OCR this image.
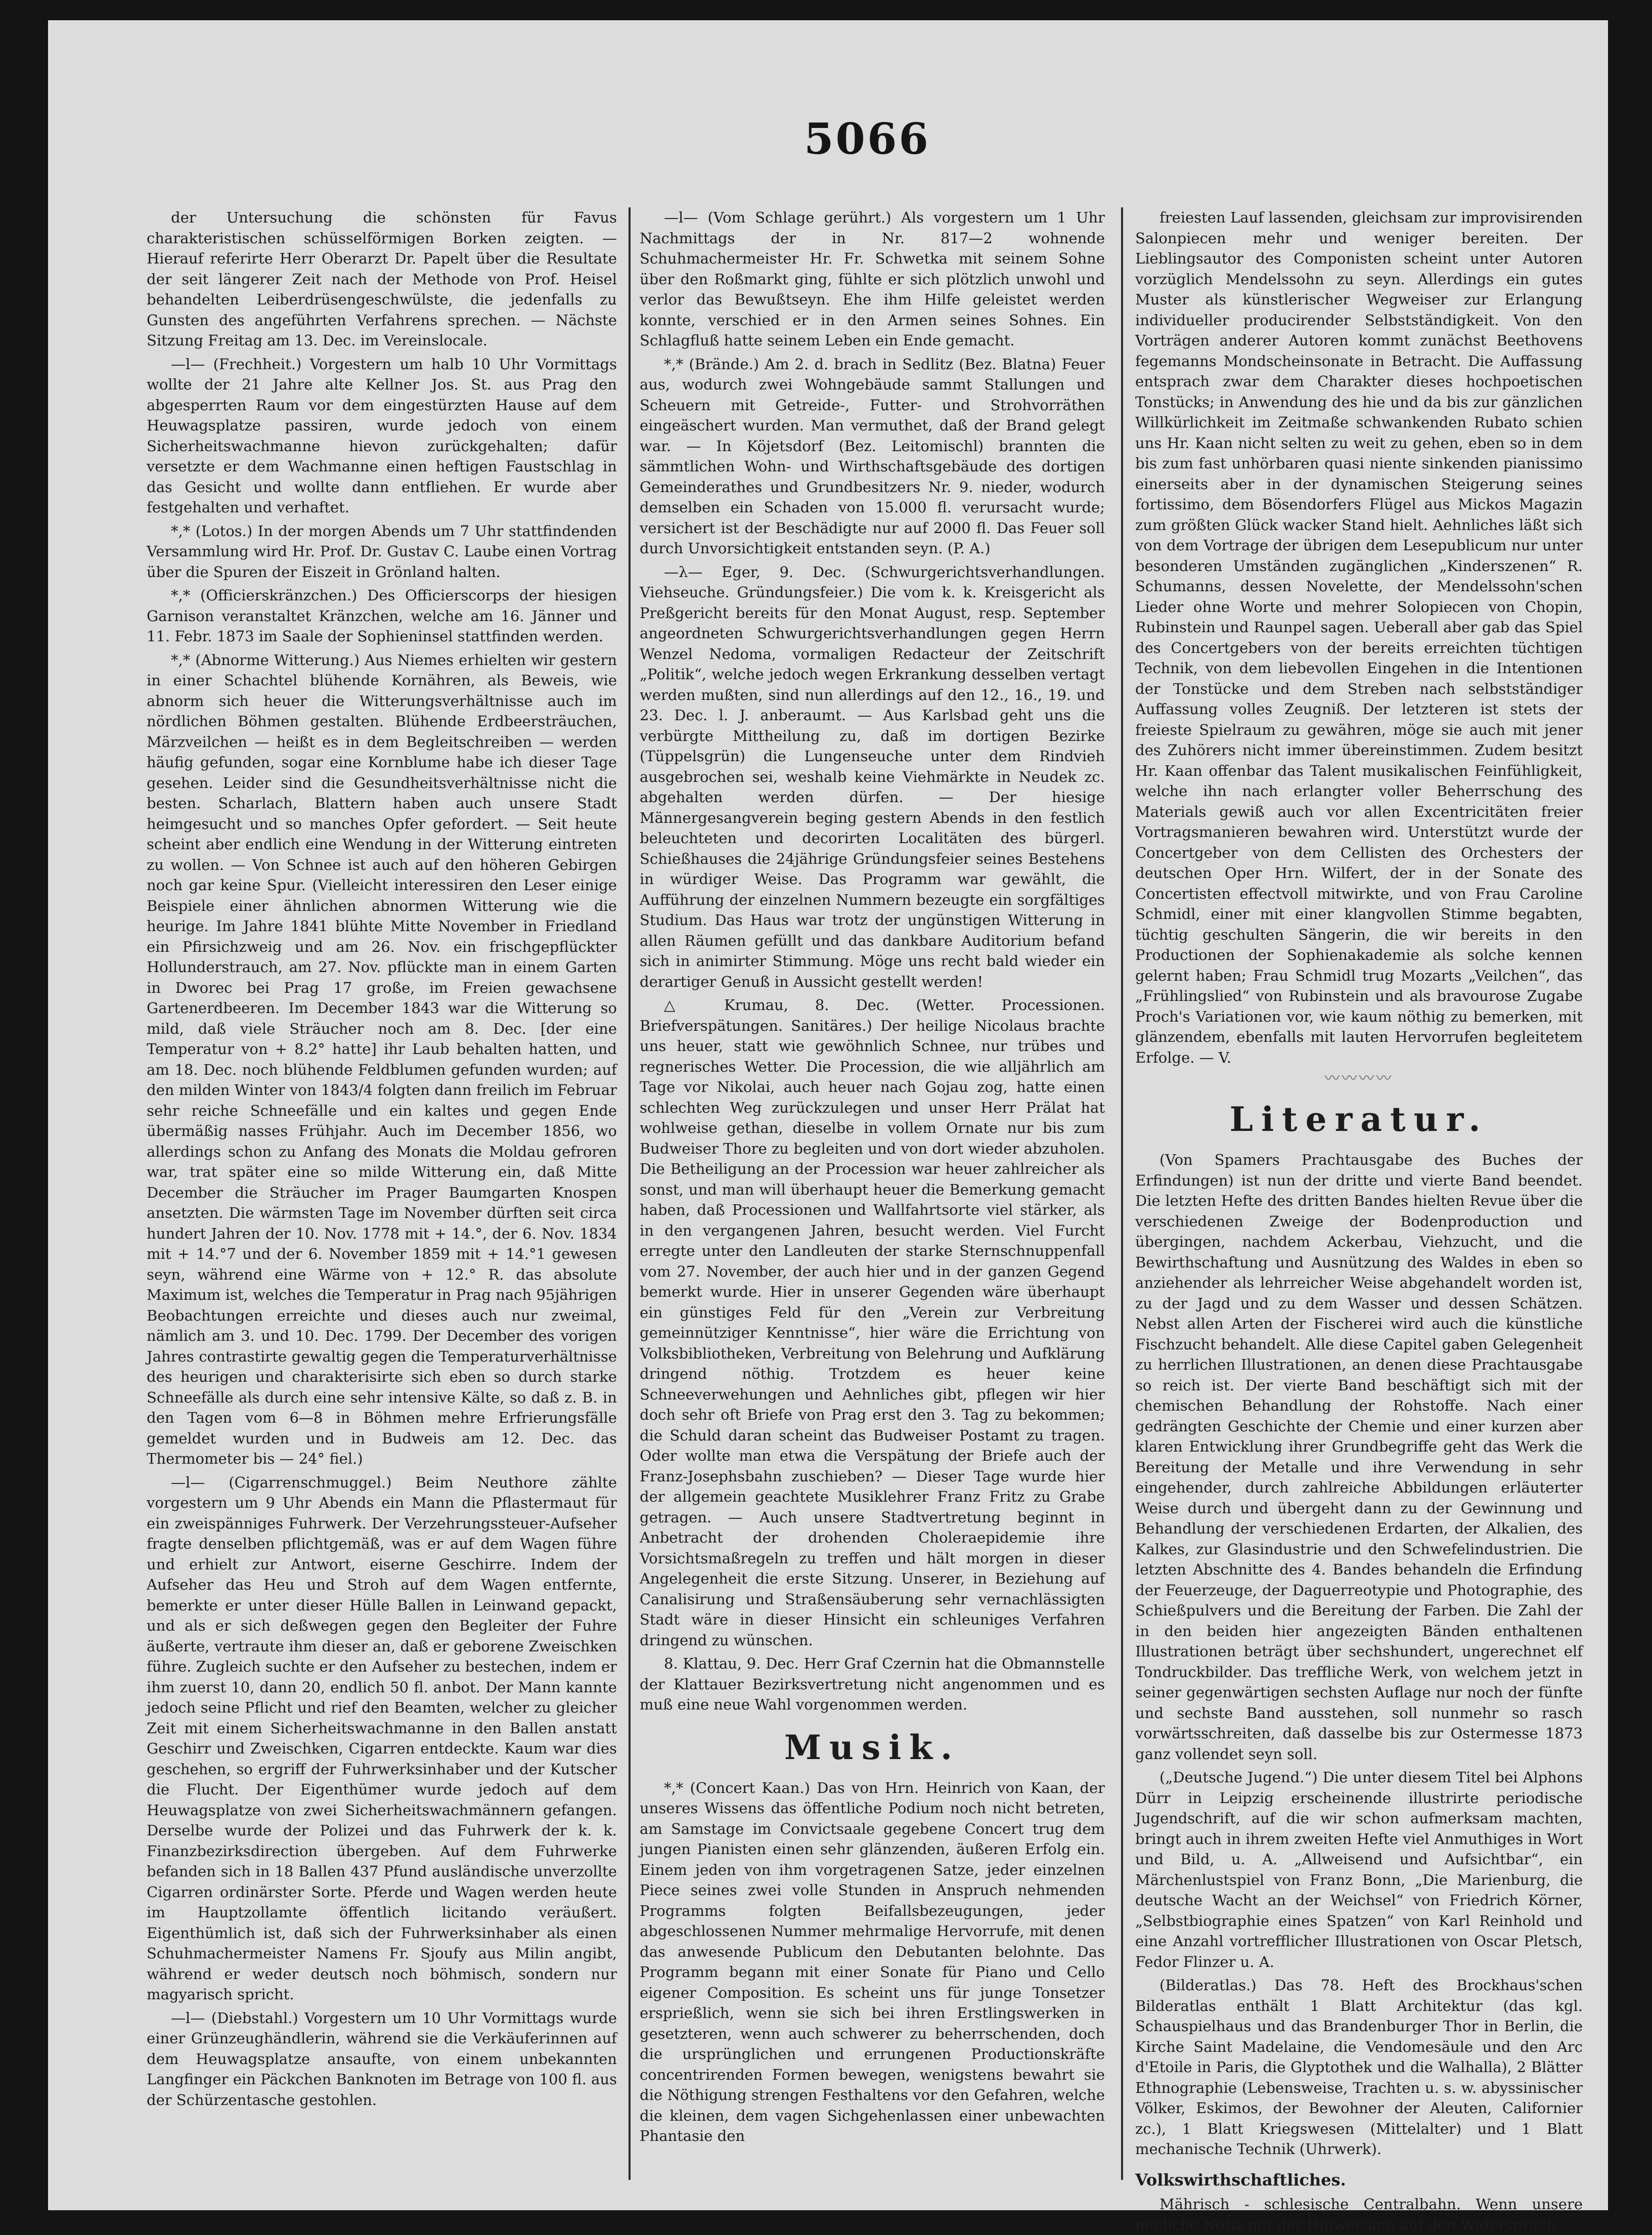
5066

der Untersuchung die schönsten für Favus charakteristischen schüsselförmigen Borken zeigten. — Hierauf referirte Herr Oberarzt Dr. Papelt über die Resultate der seit längerer Zeit nach der Methode von Prof. Heisel behandelten Leiberdrüsengeschwülste, die jedenfalls zu Gunsten des angeführten Verfahrens sprechen. — Nächste Sitzung Freitag am 13. Dec. im Vereinslocale.

—l— (Frechheit.) Vorgestern um halb 10 Uhr Vormittags wollte der 21 Jahre alte Kellner Jos. St. aus Prag den abgesperrten Raum vor dem eingestürzten Hause auf dem Heuwagsplatze passiren, wurde jedoch von einem Sicherheitswachmanne hievon zurückgehalten; dafür versetzte er dem Wachmanne einen heftigen Faustschlag in das Gesicht und wollte dann entfliehen. Er wurde aber festgehalten und verhaftet.

*,* (Lotos.) In der morgen Abends um 7 Uhr stattfindenden Versammlung wird Hr. Prof. Dr. Gustav C. Laube einen Vortrag über die Spuren der Eiszeit in Grönland halten.

*,* (Officierskränzchen.) Des Officierscorps der hiesigen Garnison veranstaltet Kränzchen, welche am 16. Jänner und 11. Febr. 1873 im Saale der Sophieninsel stattfinden werden.

*,* (Abnorme Witterung.) Aus Niemes erhielten wir gestern in einer Schachtel blühende Kornähren, als Beweis, wie abnorm sich heuer die Witterungsverhältnisse auch im nördlichen Böhmen gestalten. Blühende Erdbeersträuchen, Märzveilchen — heißt es in dem Begleitschreiben — werden häufig gefunden, sogar eine Kornblume habe ich dieser Tage gesehen. Leider sind die Gesundheitsverhältnisse nicht die besten. Scharlach, Blattern haben auch unsere Stadt heimgesucht und so manches Opfer gefordert. — Seit heute scheint aber endlich eine Wendung in der Witterung eintreten zu wollen. — Von Schnee ist auch auf den höheren Gebirgen noch gar keine Spur. (Vielleicht interessiren den Leser einige Beispiele einer ähnlichen abnormen Witterung wie die heurige. Im Jahre 1841 blühte Mitte November in Friedland ein Pfirsichzweig und am 26. Nov. ein frischgepflückter Hollunderstrauch, am 27. Nov. pflückte man in einem Garten in Dworec bei Prag 17 große, im Freien gewachsene Gartenerdbeeren. Im December 1843 war die Witterung so mild, daß viele Sträucher noch am 8. Dec. [der eine Temperatur von + 8.2° hatte] ihr Laub behalten hatten, und am 18. Dec. noch blühende Feldblumen gefunden wurden; auf den milden Winter von 1843/4 folgten dann freilich im Februar sehr reiche Schneefälle und ein kaltes und gegen Ende übermäßig nasses Frühjahr. Auch im December 1856, wo allerdings schon zu Anfang des Monats die Moldau gefroren war, trat später eine so milde Witterung ein, daß Mitte December die Sträucher im Prager Baumgarten Knospen ansetzten. Die wärmsten Tage im November dürften seit circa hundert Jahren der 10. Nov. 1778 mit + 14.°, der 6. Nov. 1834 mit + 14.°7 und der 6. November 1859 mit + 14.°1 gewesen seyn, während eine Wärme von + 12.° R. das absolute Maximum ist, welches die Temperatur in Prag nach 95jährigen Beobachtungen erreichte und dieses auch nur zweimal, nämlich am 3. und 10. Dec. 1799. Der December des vorigen Jahres contrastirte gewaltig gegen die Temperaturverhältnisse des heurigen und charakterisirte sich eben so durch starke Schneefälle als durch eine sehr intensive Kälte, so daß z. B. in den Tagen vom 6—8 in Böhmen mehre Erfrierungsfälle gemeldet wurden und in Budweis am 12. Dec. das Thermometer bis — 24° fiel.)

—l— (Cigarrenschmuggel.) Beim Neuthore zählte vorgestern um 9 Uhr Abends ein Mann die Pflastermaut für ein zweispänniges Fuhrwerk. Der Verzehrungssteuer-Aufseher fragte denselben pflichtgemäß, was er auf dem Wagen führe und erhielt zur Antwort, eiserne Geschirre. Indem der Aufseher das Heu und Stroh auf dem Wagen entfernte, bemerkte er unter dieser Hülle Ballen in Leinwand gepackt, und als er sich deßwegen gegen den Begleiter der Fuhre äußerte, vertraute ihm dieser an, daß er geborene Zweischken führe. Zugleich suchte er den Aufseher zu bestechen, indem er ihm zuerst 10, dann 20, endlich 50 fl. anbot. Der Mann kannte jedoch seine Pflicht und rief den Beamten, welcher zu gleicher Zeit mit einem Sicherheitswachmanne in den Ballen anstatt Geschirr und Zweischken, Cigarren entdeckte. Kaum war dies geschehen, so ergriff der Fuhrwerksinhaber und der Kutscher die Flucht. Der Eigenthümer wurde jedoch auf dem Heuwagsplatze von zwei Sicherheitswachmännern gefangen. Derselbe wurde der Polizei und das Fuhrwerk der k. k. Finanzbezirksdirection übergeben. Auf dem Fuhrwerke befanden sich in 18 Ballen 437 Pfund ausländische unverzollte Cigarren ordinärster Sorte. Pferde und Wagen werden heute im Hauptzollamte öffentlich licitando veräußert. Eigenthümlich ist, daß sich der Fuhrwerksinhaber als einen Schuhmachermeister Namens Fr. Sjoufy aus Milin angibt, während er weder deutsch noch böhmisch, sondern nur magyarisch spricht.

—l— (Diebstahl.) Vorgestern um 10 Uhr Vormittags wurde einer Grünzeughändlerin, während sie die Verkäuferinnen auf dem Heuwagsplatze ansaufte, von einem unbekannten Langfinger ein Päckchen Banknoten im Betrage von 100 fl. aus der Schürzentasche gestohlen.

—l— (Vom Schlage gerührt.) Als vorgestern um 1 Uhr Nachmittags der in Nr. 817—2 wohnende Schuhmachermeister Hr. Fr. Schwetka mit seinem Sohne über den Roßmarkt ging, fühlte er sich plötzlich unwohl und verlor das Bewußtseyn. Ehe ihm Hilfe geleistet werden konnte, verschied er in den Armen seines Sohnes. Ein Schlagfluß hatte seinem Leben ein Ende gemacht.

*,* (Brände.) Am 2. d. brach in Sedlitz (Bez. Blatna) Feuer aus, wodurch zwei Wohngebäude sammt Stallungen und Scheuern mit Getreide-, Futter- und Strohvorräthen eingeäschert wurden. Man vermuthet, daß der Brand gelegt war. — In Köjetsdorf (Bez. Leitomischl) brannten die sämmtlichen Wohn- und Wirthschaftsgebäude des dortigen Gemeinderathes und Grundbesitzers Nr. 9. nieder, wodurch demselben ein Schaden von 15.000 fl. verursacht wurde; versichert ist der Beschädigte nur auf 2000 fl. Das Feuer soll durch Unvorsichtigkeit entstanden seyn. (P. A.)

—λ— Eger, 9. Dec. (Schwurgerichtsverhandlungen. Viehseuche. Gründungsfeier.) Die vom k. k. Kreisgericht als Preßgericht bereits für den Monat August, resp. September angeordneten Schwurgerichtsverhandlungen gegen Herrn Wenzel Nedoma, vormaligen Redacteur der Zeitschrift „Politik“, welche jedoch wegen Erkrankung desselben vertagt werden mußten, sind nun allerdings auf den 12., 16., 19. und 23. Dec. l. J. anberaumt. — Aus Karlsbad geht uns die verbürgte Mittheilung zu, daß im dortigen Bezirke (Tüppelsgrün) die Lungenseuche unter dem Rindvieh ausgebrochen sei, weshalb keine Viehmärkte in Neudek zc. abgehalten werden dürfen. — Der hiesige Männergesangverein beging gestern Abends in den festlich beleuchteten und decorirten Localitäten des bürgerl. Schießhauses die 24jährige Gründungsfeier seines Bestehens in würdiger Weise. Das Programm war gewählt, die Aufführung der einzelnen Nummern bezeugte ein sorgfältiges Studium. Das Haus war trotz der ungünstigen Witterung in allen Räumen gefüllt und das dankbare Auditorium befand sich in animirter Stimmung. Möge uns recht bald wieder ein derartiger Genuß in Aussicht gestellt werden!

△ Krumau, 8. Dec. (Wetter. Processionen. Briefverspätungen. Sanitäres.) Der heilige Nicolaus brachte uns heuer, statt wie gewöhnlich Schnee, nur trübes und regnerisches Wetter. Die Procession, die wie alljährlich am Tage vor Nikolai, auch heuer nach Gojau zog, hatte einen schlechten Weg zurückzulegen und unser Herr Prälat hat wohlweise gethan, dieselbe in vollem Ornate nur bis zum Budweiser Thore zu begleiten und von dort wieder abzuholen. Die Betheiligung an der Procession war heuer zahlreicher als sonst, und man will überhaupt heuer die Bemerkung gemacht haben, daß Processionen und Wallfahrtsorte viel stärker, als in den vergangenen Jahren, besucht werden. Viel Furcht erregte unter den Landleuten der starke Sternschnuppenfall vom 27. November, der auch hier und in der ganzen Gegend bemerkt wurde. Hier in unserer Gegenden wäre überhaupt ein günstiges Feld für den „Verein zur Verbreitung gemeinnütziger Kenntnisse“, hier wäre die Errichtung von Volksbibliotheken, Verbreitung von Belehrung und Aufklärung dringend nöthig. Trotzdem es heuer keine Schneeverwehungen und Aehnliches gibt, pflegen wir hier doch sehr oft Briefe von Prag erst den 3. Tag zu bekommen; die Schuld daran scheint das Budweiser Postamt zu tragen. Oder wollte man etwa die Verspätung der Briefe auch der Franz-Josephsbahn zuschieben? — Dieser Tage wurde hier der allgemein geachtete Musiklehrer Franz Fritz zu Grabe getragen. — Auch unsere Stadtvertretung beginnt in Anbetracht der drohenden Choleraepidemie ihre Vorsichtsmaßregeln zu treffen und hält morgen in dieser Angelegenheit die erste Sitzung. Unserer, in Beziehung auf Canalisirung und Straßensäuberung sehr vernachlässigten Stadt wäre in dieser Hinsicht ein schleuniges Verfahren dringend zu wünschen.

8. Klattau, 9. Dec. Herr Graf Czernin hat die Obmannstelle der Klattauer Bezirksvertretung nicht angenommen und es muß eine neue Wahl vorgenommen werden.

Musik.

*,* (Concert Kaan.) Das von Hrn. Heinrich von Kaan, der unseres Wissens das öffentliche Podium noch nicht betreten, am Samstage im Convictsaale gegebene Concert trug dem jungen Pianisten einen sehr glänzenden, äußeren Erfolg ein. Einem jeden von ihm vorgetragenen Satze, jeder einzelnen Piece seines zwei volle Stunden in Anspruch nehmenden Programms folgten Beifallsbezeugungen, jeder abgeschlossenen Nummer mehrmalige Hervorrufe, mit denen das anwesende Publicum den Debutanten belohnte. Das Programm begann mit einer Sonate für Piano und Cello eigener Composition. Es scheint uns für junge Tonsetzer ersprießlich, wenn sie sich bei ihren Erstlingswerken in gesetzteren, wenn auch schwerer zu beherrschenden, doch die ursprünglichen und errungenen Productionskräfte concentrirenden Formen bewegen, wenigstens bewahrt sie die Nöthigung strengen Festhaltens vor den Gefahren, welche die kleinen, dem vagen Sichgehenlassen einer unbewachten Phantasie den

freiesten Lauf lassenden, gleichsam zur improvisirenden Salonpiecen mehr und weniger bereiten. Der Lieblingsautor des Componisten scheint unter Autoren vorzüglich Mendelssohn zu seyn. Allerdings ein gutes Muster als künstlerischer Wegweiser zur Erlangung individueller producirender Selbstständigkeit. Von den Vorträgen anderer Autoren kommt zunächst Beethovens fegemanns Mondscheinsonate in Betracht. Die Auffassung entsprach zwar dem Charakter dieses hochpoetischen Tonstücks; in Anwendung des hie und da bis zur gänzlichen Willkürlichkeit im Zeitmaße schwankenden Rubato schien uns Hr. Kaan nicht selten zu weit zu gehen, eben so in dem bis zum fast unhörbaren quasi niente sinkenden pianissimo einerseits aber in der dynamischen Steigerung seines fortissimo, dem Bösendorfers Flügel aus Mickos Magazin zum größten Glück wacker Stand hielt. Aehnliches läßt sich von dem Vortrage der übrigen dem Lesepublicum nur unter besonderen Umständen zugänglichen „Kinderszenen“ R. Schumanns, dessen Novelette, der Mendelssohn'schen Lieder ohne Worte und mehrer Solopiecen von Chopin, Rubinstein und Raunpel sagen. Ueberall aber gab das Spiel des Concertgebers von der bereits erreichten tüchtigen Technik, von dem liebevollen Eingehen in die Intentionen der Tonstücke und dem Streben nach selbstständiger Auffassung volles Zeugniß. Der letzteren ist stets der freieste Spielraum zu gewähren, möge sie auch mit jener des Zuhörers nicht immer übereinstimmen. Zudem besitzt Hr. Kaan offenbar das Talent musikalischen Feinfühligkeit, welche ihn nach erlangter voller Beherrschung des Materials gewiß auch vor allen Excentricitäten freier Vortragsmanieren bewahren wird. Unterstützt wurde der Concertgeber von dem Cellisten des Orchesters der deutschen Oper Hrn. Wilfert, der in der Sonate des Concertisten effectvoll mitwirkte, und von Frau Caroline Schmidl, einer mit einer klangvollen Stimme begabten, tüchtig geschulten Sängerin, die wir bereits in den Productionen der Sophienakademie als solche kennen gelernt haben; Frau Schmidl trug Mozarts „Veilchen“, das „Frühlingslied“ von Rubinstein und als bravourose Zugabe Proch's Variationen vor, wie kaum nöthig zu bemerken, mit glänzendem, ebenfalls mit lauten Hervorrufen begleitetem Erfolge. — V.

〰〰〰〰
Literatur.

(Von Spamers Prachtausgabe des Buches der Erfindungen) ist nun der dritte und vierte Band beendet. Die letzten Hefte des dritten Bandes hielten Revue über die verschiedenen Zweige der Bodenproduction und übergingen, nachdem Ackerbau, Viehzucht, und die Bewirthschaftung und Ausnützung des Waldes in eben so anziehender als lehrreicher Weise abgehandelt worden ist, zu der Jagd und zu dem Wasser und dessen Schätzen. Nebst allen Arten der Fischerei wird auch die künstliche Fischzucht behandelt. Alle diese Capitel gaben Gelegenheit zu herrlichen Illustrationen, an denen diese Prachtausgabe so reich ist. Der vierte Band beschäftigt sich mit der chemischen Behandlung der Rohstoffe. Nach einer gedrängten Geschichte der Chemie und einer kurzen aber klaren Entwicklung ihrer Grundbegriffe geht das Werk die Bereitung der Metalle und ihre Verwendung in sehr eingehender, durch zahlreiche Abbildungen erläuterter Weise durch und übergeht dann zu der Gewinnung und Behandlung der verschiedenen Erdarten, der Alkalien, des Kalkes, zur Glasindustrie und den Schwefelindustrien. Die letzten Abschnitte des 4. Bandes behandeln die Erfindung der Feuerzeuge, der Daguerreotypie und Photographie, des Schießpulvers und die Bereitung der Farben. Die Zahl der in den beiden hier angezeigten Bänden enthaltenen Illustrationen beträgt über sechshundert, ungerechnet elf Tondruckbilder. Das treffliche Werk, von welchem jetzt in seiner gegenwärtigen sechsten Auflage nur noch der fünfte und sechste Band ausstehen, soll nunmehr so rasch vorwärtsschreiten, daß dasselbe bis zur Ostermesse 1873 ganz vollendet seyn soll.

(„Deutsche Jugend.“) Die unter diesem Titel bei Alphons Dürr in Leipzig erscheinende illustrirte periodische Jugendschrift, auf die wir schon aufmerksam machten, bringt auch in ihrem zweiten Hefte viel Anmuthiges in Wort und Bild, u. A. „Allweisend und Aufsichtbar“, ein Märchenlustspiel von Franz Bonn, „Die Marienburg, die deutsche Wacht an der Weichsel“ von Friedrich Körner, „Selbstbiographie eines Spatzen“ von Karl Reinhold und eine Anzahl vortrefflicher Illustrationen von Oscar Pletsch, Fedor Flinzer u. A.

(Bilderatlas.) Das 78. Heft des Brockhaus'schen Bilderatlas enthält 1 Blatt Architektur (das kgl. Schauspielhaus und das Brandenburger Thor in Berlin, die Kirche Saint Madelaine, die Vendomesäule und den Arc d'Etoile in Paris, die Glyptothek und die Walhalla), 2 Blätter Ethnographie (Lebensweise, Trachten u. s. w. abyssinischer Völker, Eskimos, der Bewohner der Aleuten, Californier zc.), 1 Blatt Kriegswesen (Mittelalter) und 1 Blatt mechanische Technik (Uhrwerk).

Volkswirthschaftliches.

Mährisch - schlesische Centralbahn. Wenn unsere neuliche Notiz mit der Hinweisung auf den Widerspruch
